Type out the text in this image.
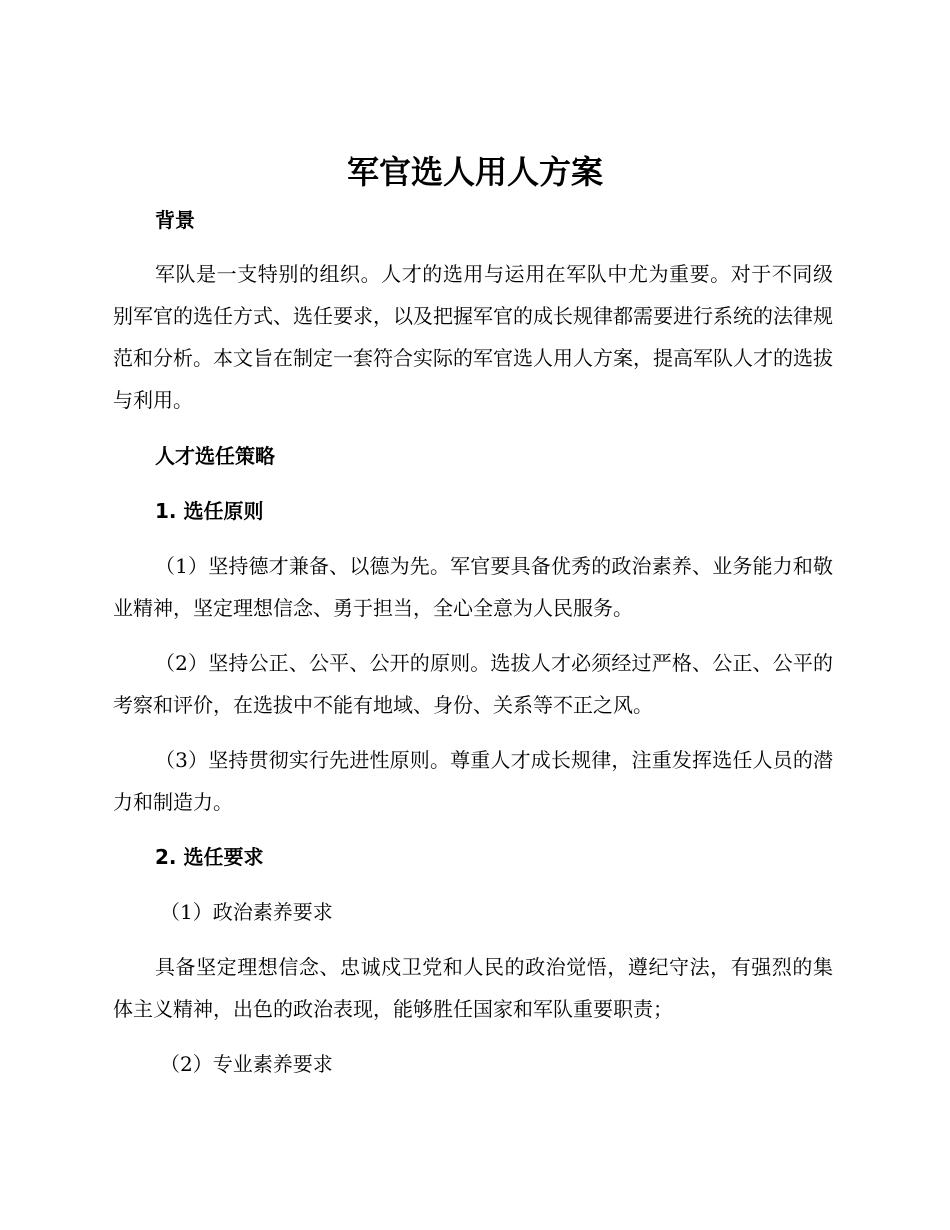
军官选人用人方案
背景

军队是一支特别的组织。人才的选用与运用在军队中尤为重要。对于不同级别军官的选任方式、选任要求，以及把握军官的成长规律都需要进行系统的法律规范和分析。本文旨在制定一套符合实际的军官选人用人方案，提高军队人才的选拔与利用。

人才选任策略
1. 选任原则

（1）坚持德才兼备、以德为先。军官要具备优秀的政治素养、业务能力和敬业精神，坚定理想信念、勇于担当，全心全意为人民服务。

（2）坚持公正、公平、公开的原则。选拔人才必须经过严格、公正、公平的考察和评价，在选拔中不能有地域、身份、关系等不正之风。

（3）坚持贯彻实行先进性原则。尊重人才成长规律，注重发挥选任人员的潜力和制造力。

2. 选任要求

（1）政治素养要求

具备坚定理想信念、忠诚戍卫党和人民的政治觉悟，遵纪守法，有强烈的集体主义精神，出色的政治表现，能够胜任国家和军队重要职责；

（2）专业素养要求
